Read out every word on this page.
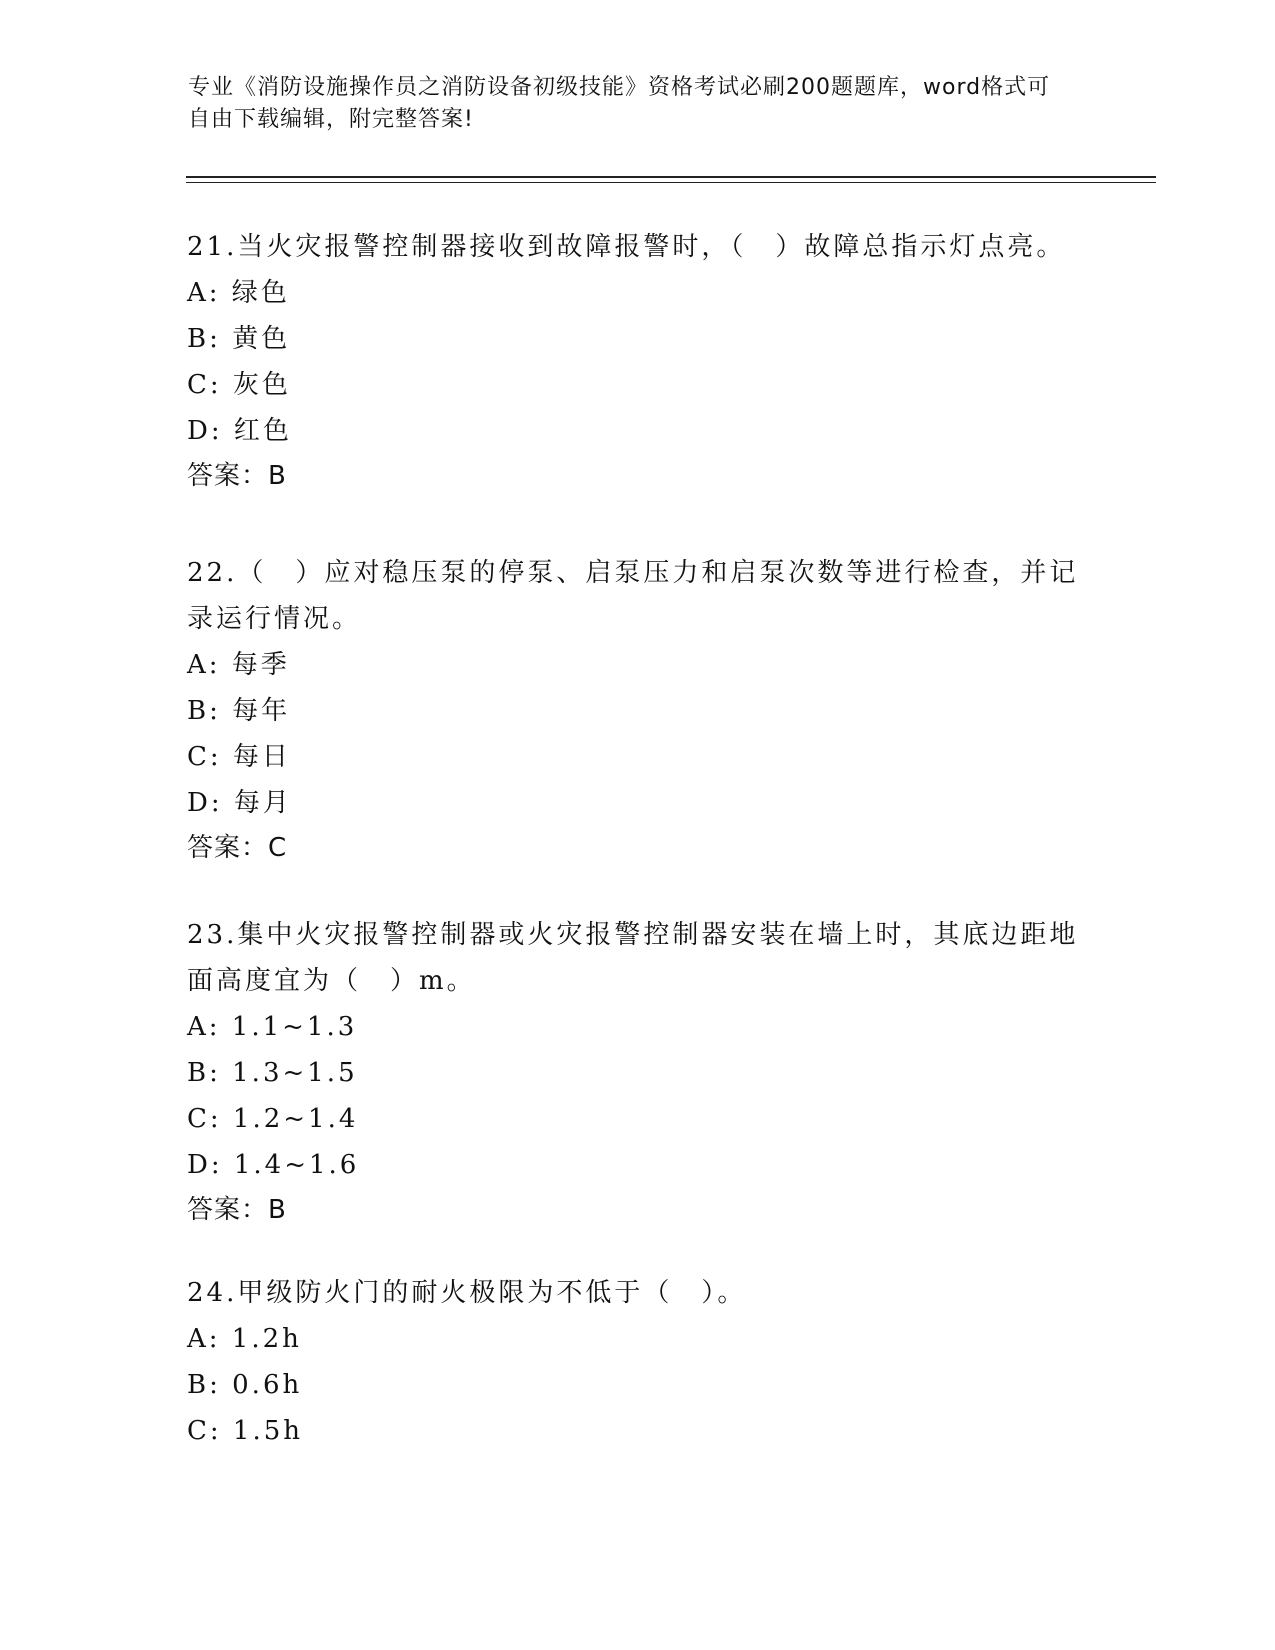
专业《消防设施操作员之消防设备初级技能》资格考试必刷200题题库，word格式可自由下载编辑，附完整答案!

21.当火灾报警控制器接收到故障报警时，（　）故障总指示灯点亮。

A: 绿色

B: 黄色

C: 灰色

D: 红色

答案：B

22.（　）应对稳压泵的停泵、启泵压力和启泵次数等进行检查，并记录运行情况。

A: 每季

B: 每年

C: 每日

D: 每月

答案：C

23.集中火灾报警控制器或火灾报警控制器安装在墙上时，其底边距地面高度宜为（　）m。

A: 1.1~1.3

B: 1.3~1.5

C: 1.2~1.4

D: 1.4~1.6

答案：B

24.甲级防火门的耐火极限为不低于（　）。

A: 1.2h

B: 0.6h

C: 1.5h
